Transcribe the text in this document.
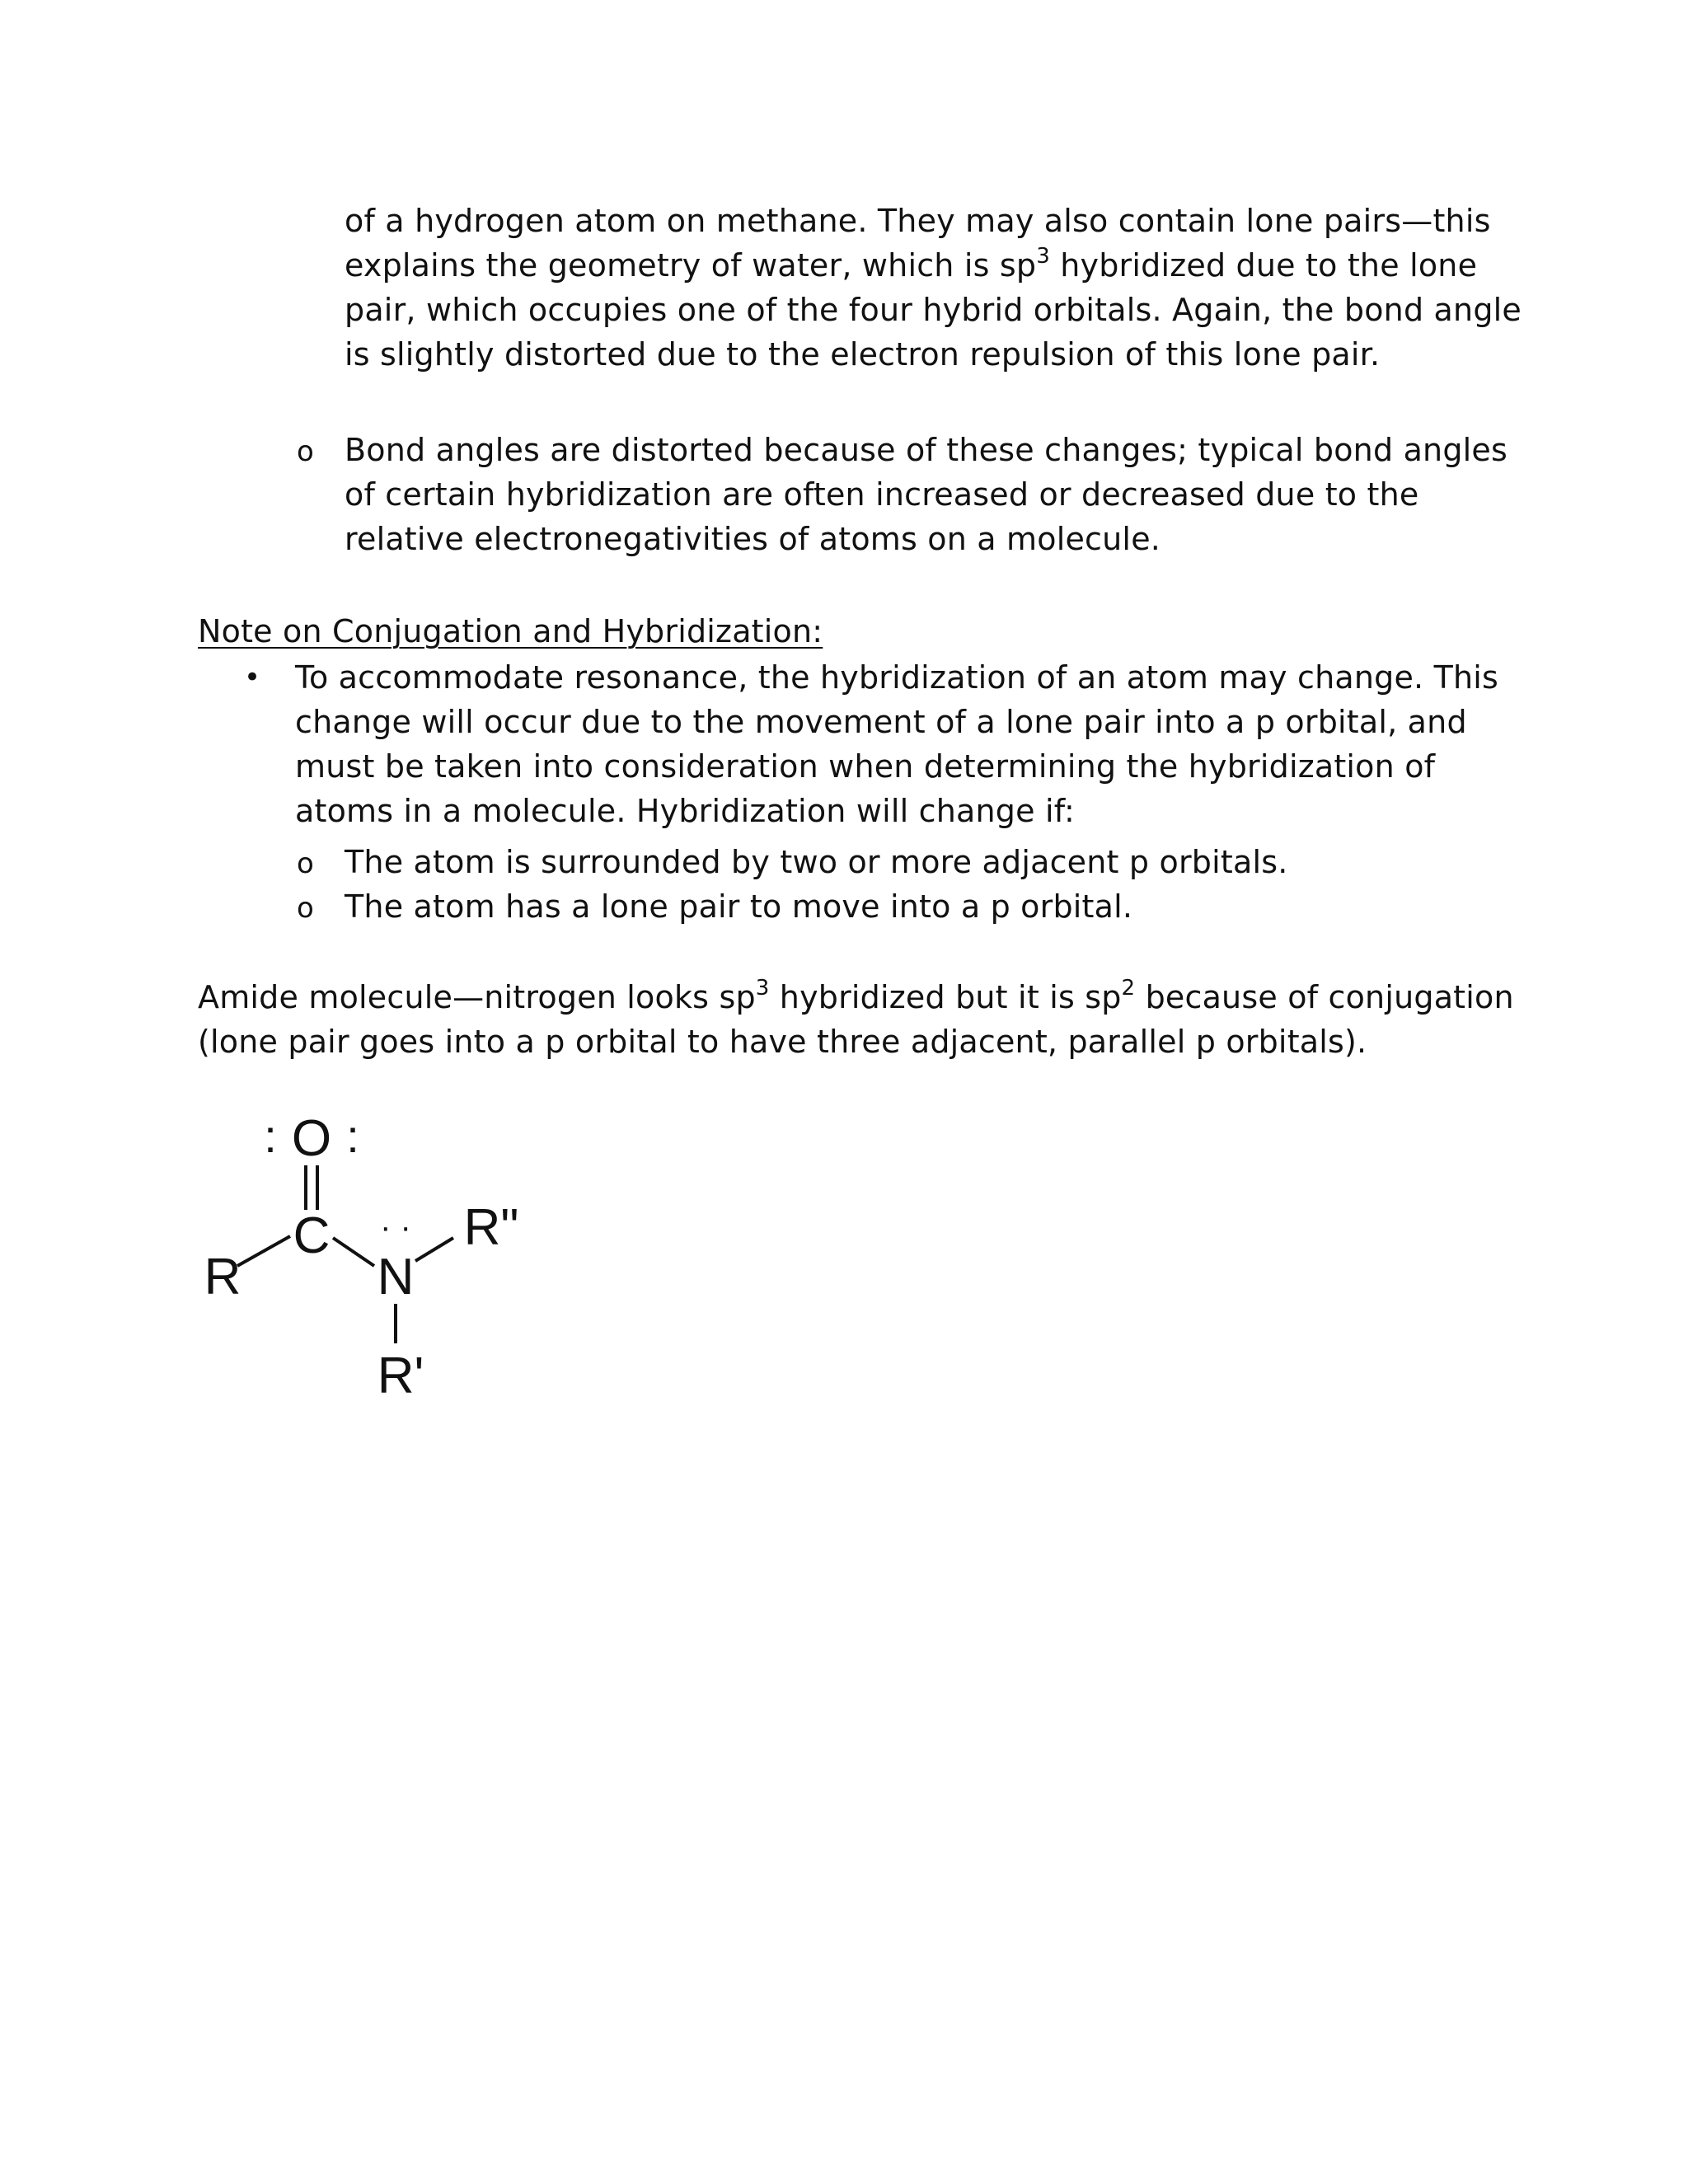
of a hydrogen atom on methane. They may also contain lone pairs—this
explains the geometry of water, which is $sp^3$ hybridized due to the lone
pair, which occupies one of the four hybrid orbitals. Again, the bond angle
is slightly distorted due to the electron repulsion of this lone pair.
o Bond angles are distorted because of these changes; typical bond angles
of certain hybridization are often increased or decreased due to the
relative electronegativities of atoms on a molecule.
Note on Conjugation and Hybridization:
• To accommodate resonance, the hybridization of an atom may change. This
change will occur due to the movement of a lone pair into a p orbital, and
must be taken into consideration when determining the hybridization of
atoms in a molecule. Hybridization will change if:
o The atom is surrounded by two or more adjacent p orbitals.
o The atom has a lone pair to move into a p orbital.
Amide molecule—nitrogen looks $sp^3$ hybridized but it is $sp^2$ because of conjugation
(lone pair goes into a p orbital to have three adjacent, parallel p orbitals).
: :
O
C
R
· ·
N
R"
R'
